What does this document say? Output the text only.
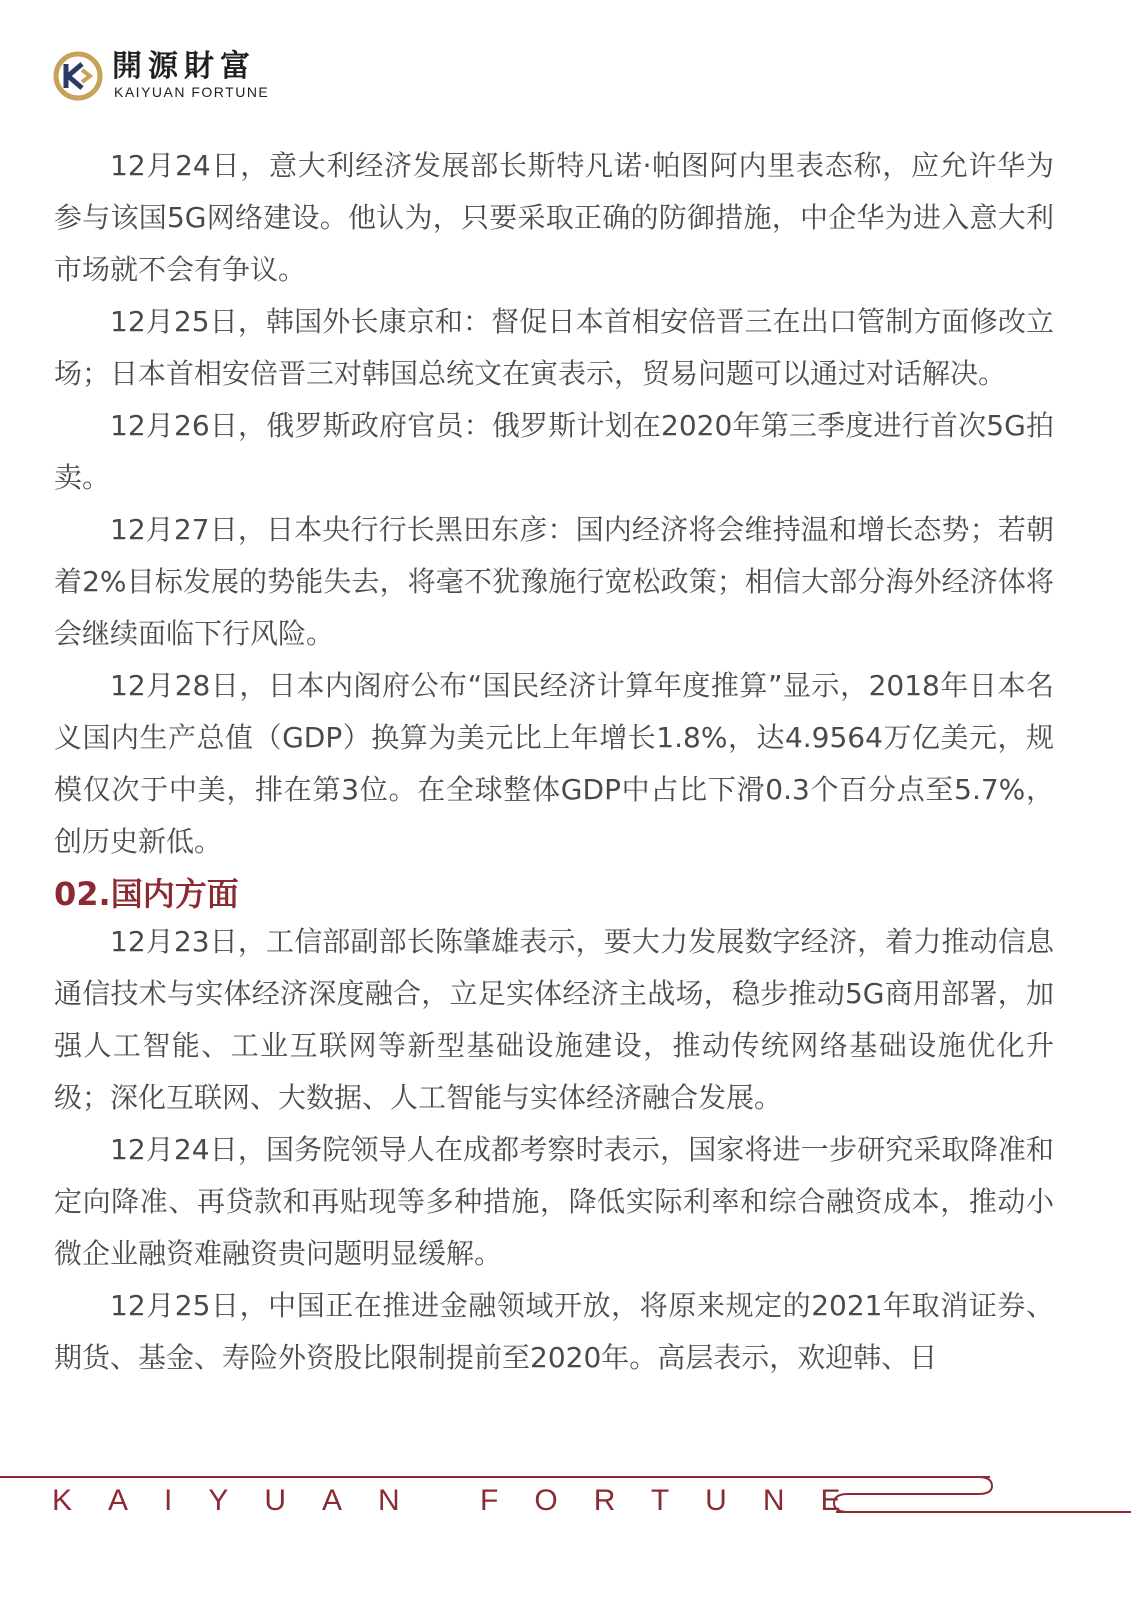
開源財富
KAIYUAN FORTUNE

12月24日，意大利经济发展部长斯特凡诺·帕图阿内里表态称，应允许华为参与该国5G网络建设。他认为，只要采取正确的防御措施，中企华为进入意大利市场就不会有争议。

12月25日，韩国外长康京和：督促日本首相安倍晋三在出口管制方面修改立场；日本首相安倍晋三对韩国总统文在寅表示，贸易问题可以通过对话解决。

12月26日，俄罗斯政府官员：俄罗斯计划在2020年第三季度进行首次5G拍卖。

12月27日，日本央行行长黑田东彦：国内经济将会维持温和增长态势；若朝着2%目标发展的势能失去，将毫不犹豫施行宽松政策；相信大部分海外经济体将会继续面临下行风险。

12月28日，日本内阁府公布“国民经济计算年度推算”显示，2018年日本名义国内生产总值（GDP）换算为美元比上年增长1.8%，达4.9564万亿美元，规模仅次于中美，排在第3位。在全球整体GDP中占比下滑0.3个百分点至5.7%，创历史新低。

02.国内方面

12月23日，工信部副部长陈肇雄表示，要大力发展数字经济，着力推动信息通信技术与实体经济深度融合，立足实体经济主战场，稳步推动5G商用部署，加强人工智能、工业互联网等新型基础设施建设，推动传统网络基础设施优化升级；深化互联网、大数据、人工智能与实体经济融合发展。

12月24日，国务院领导人在成都考察时表示，国家将进一步研究采取降准和定向降准、再贷款和再贴现等多种措施，降低实际利率和综合融资成本，推动小微企业融资难融资贵问题明显缓解。

12月25日，中国正在推进金融领域开放，将原来规定的2021年取消证券、期货、基金、寿险外资股比限制提前至2020年。高层表示，欢迎韩、日

KAIYUAN FORTUNE
